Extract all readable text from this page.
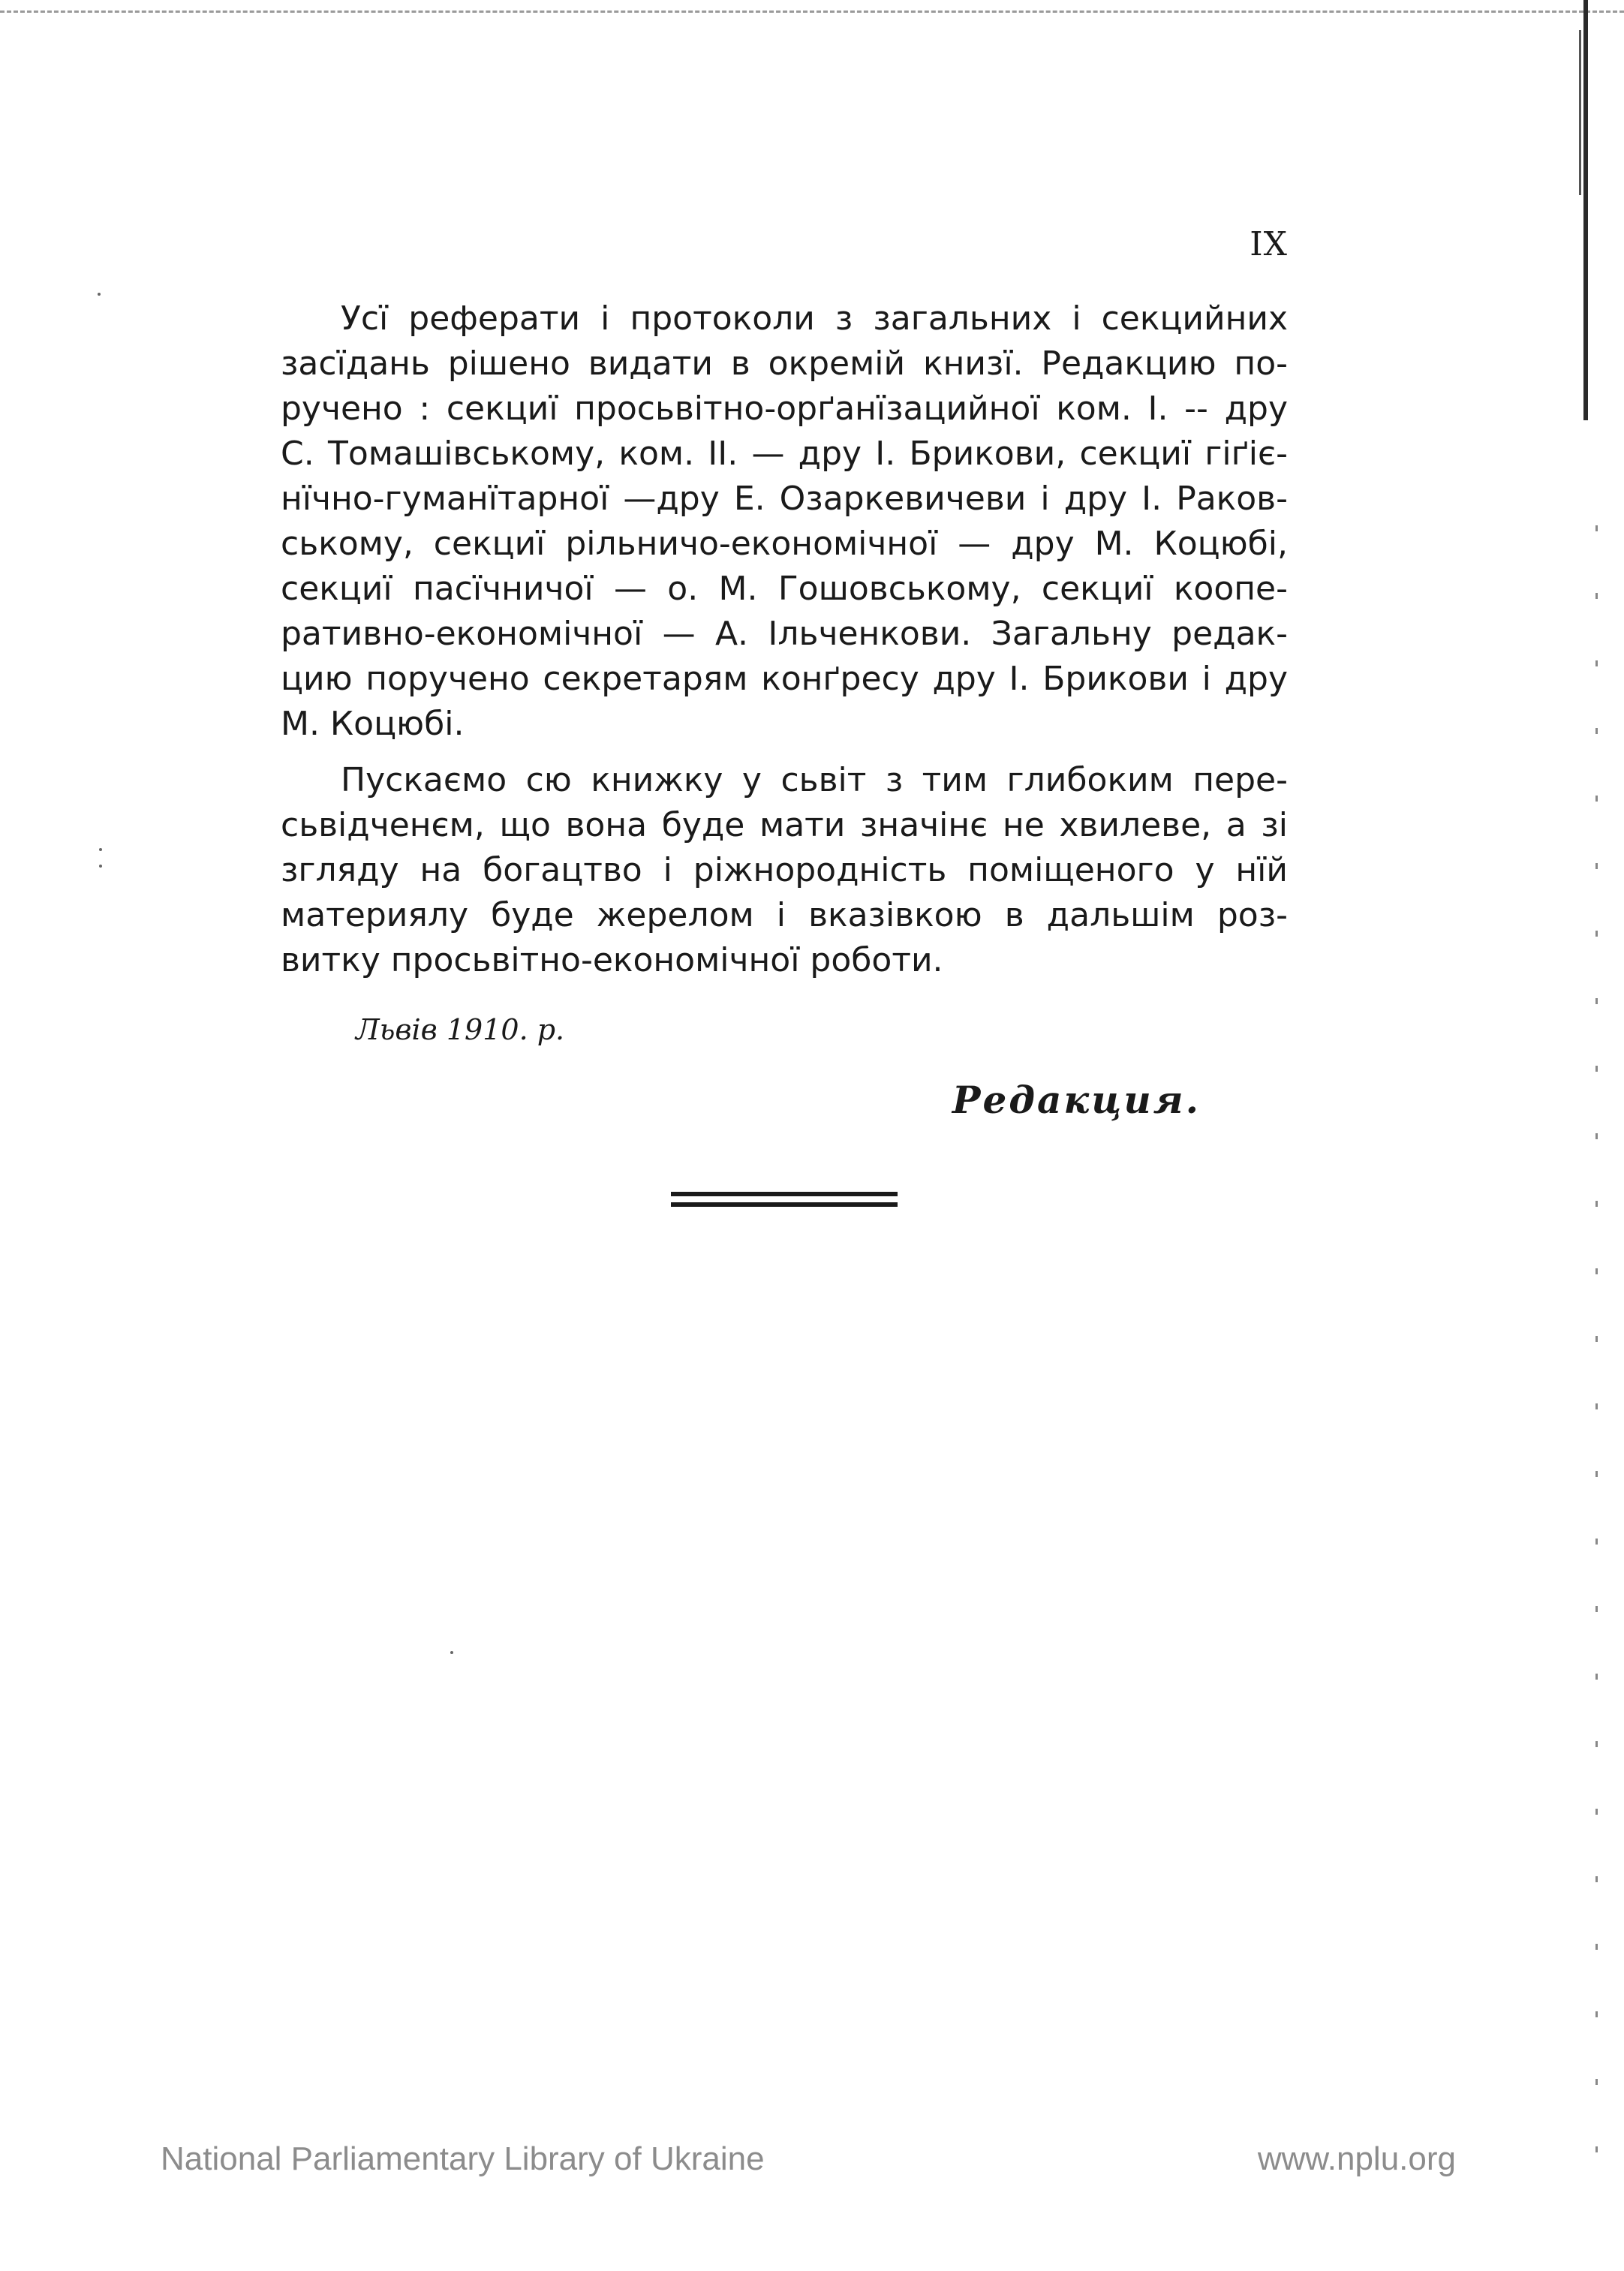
IX

Усї реферати і протоколи з загальних і секцийних
засїдань рішено видати в окремій книзї. Редакцию по-
ручено : секциї просьвітно-орґанїзацийної ком. І. -- дру
С. Томашівському, ком. II. — дру І. Брикови, секциї гіґіє-
нїчно-гуманїтарної —дру Е. Озаркевичеви і дру І. Раков-
ському, секциї рільничо-економічної — дру М. Коцюбі,
секциї пасїчничої — о. М. Гошовському, секциї коопе-
ративно-економічної — А. Ільченкови. Загальну редак-
цию поручено секретарям конґресу дру І. Брикови і дру
М. Коцюбі.

Пускаємо сю книжку у сьвіт з тим глибоким пере-
сьвідченєм, що вона буде мати значінє не хвилеве, а зі
згляду на богацтво і ріжнородність поміщеного у нїй
материялу буде жерелом і вказівкою в дальшім роз-
витку просьвітно-економічної роботи.

Львів 1910. р.
Редакция.
National Parliamentary Library of Ukraine	www.nplu.org
